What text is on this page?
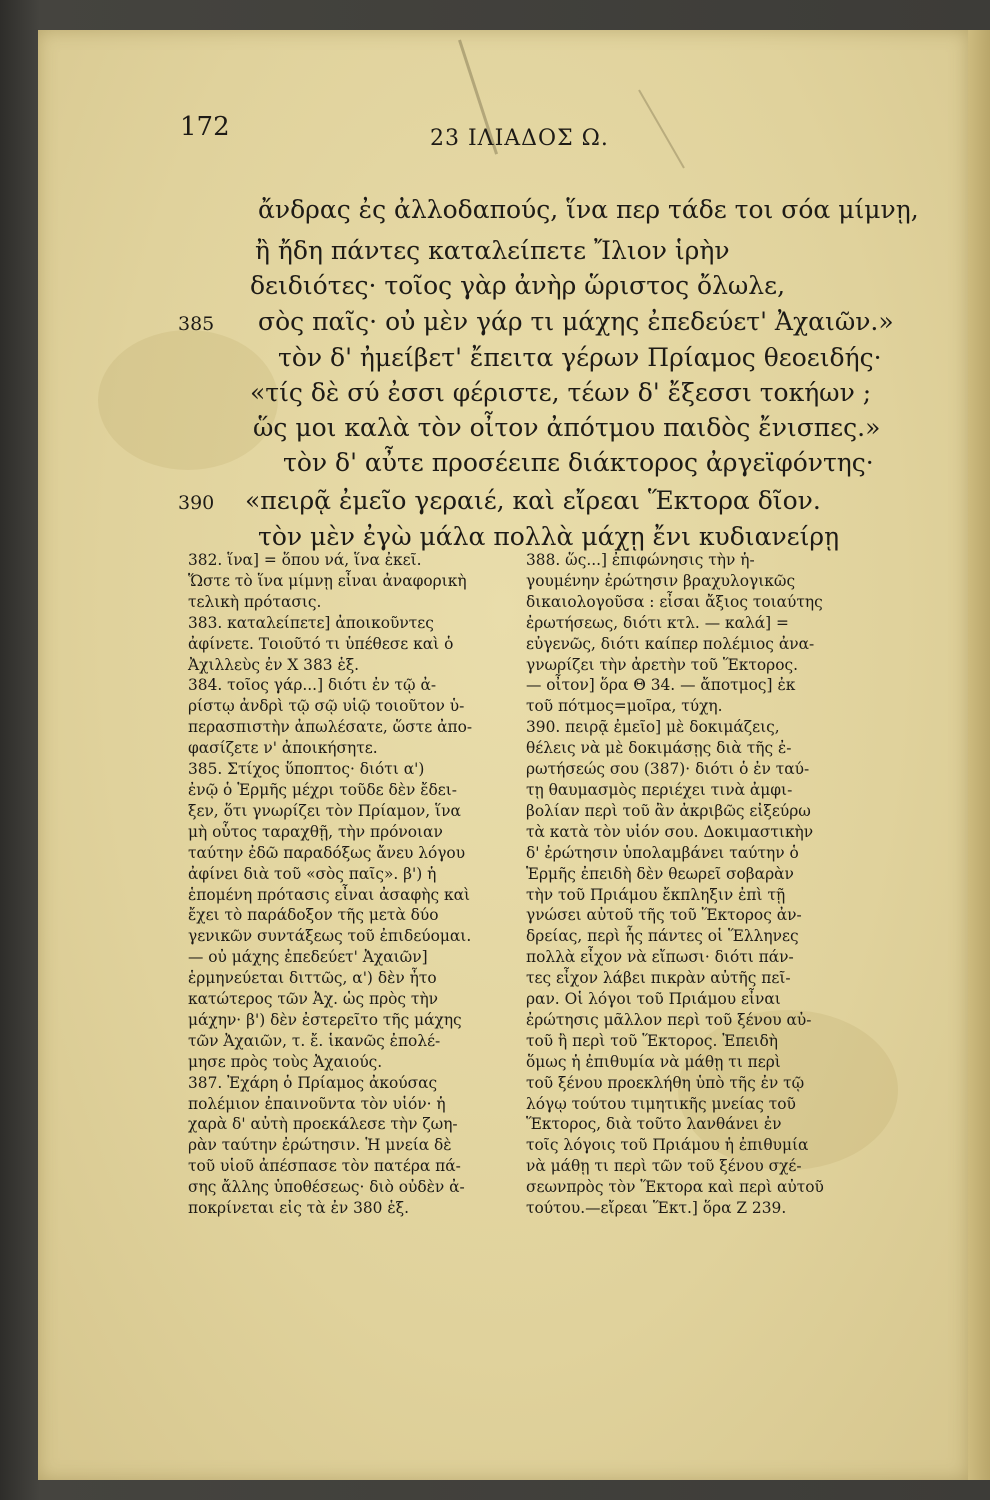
172	23 ΙΛΙΑΔΟΣ Ω.
ἄνδρας ἐς ἀλλοδαπούς, ἵνα περ τάδε τοι σόα μίμνῃ,
ἢ ἤδη πάντες καταλείπετε Ἴλιον ἱρὴν
δειδιότες· τοῖος γὰρ ἀνὴρ ὥριστος ὄλωλε,
σὸς παῖς· οὐ μὲν γάρ τι μάχης ἐπεδεύετ' Ἀχαιῶν.»
385
τὸν δ' ἠμείβετ' ἔπειτα γέρων Πρίαμος θεοειδής·
«τίς δὲ σύ ἐσσι φέριστε, τέων δ' ἔξεσσι τοκήων ;
ὥς μοι καλὰ τὸν οἶτον ἀπότμου παιδὸς ἔνισπες.»
τὸν δ' αὖτε προσέειπε διάκτορος ἀργεϊφόντης·
«πειρᾷ ἐμεῖο γεραιέ, καὶ εἴρεαι Ἕκτορα δῖον.
390
τὸν μὲν ἐγὼ μάλα πολλὰ μάχῃ ἔνι κυδιανείρῃ
382. ἵνα] = ὅπου νά, ἵνα ἐκεῖ.
Ὥστε τὸ ἵνα μίμνῃ εἶναι ἀναφορικὴ
τελικὴ πρότασις.
383. καταλείπετε] ἀποικοῦντες
ἀφίνετε. Τοιοῦτό τι ὑπέθεσε καὶ ὁ
Ἀχιλλεὺς ἐν Χ 383 ἑξ.
384. τοῖος γάρ...] διότι ἐν τῷ ἀ-
ρίστῳ ἀνδρὶ τῷ σῷ υἱῷ τοιοῦτον ὑ-
περασπιστὴν ἀπωλέσατε, ὥστε ἀπο-
φασίζετε ν' ἀποικήσητε.
385. Στίχος ὕποπτος· διότι α')
ἐνῷ ὁ Ἑρμῆς μέχρι τοῦδε δὲν ἔδει-
ξεν, ὅτι γνωρίζει τὸν Πρίαμον, ἵνα
μὴ οὗτος ταραχθῇ, τὴν πρόνοιαν
ταύτην ἐδῶ παραδόξως ἄνευ λόγου
ἀφίνει διὰ τοῦ «σὸς παῖς». β') ἡ
ἑπομένη πρότασις εἶναι ἀσαφὴς καὶ
ἔχει τὸ παράδοξον τῆς μετὰ δύο
γενικῶν συντάξεως τοῦ ἐπιδεύομαι.
— οὐ μάχης ἐπεδεύετ' Ἀχαιῶν]
ἑρμηνεύεται διττῶς, α') δὲν ἦτο
κατώτερος τῶν Ἀχ. ὡς πρὸς τὴν
μάχην· β') δὲν ἐστερεῖτο τῆς μάχης
τῶν Ἀχαιῶν, τ. ἔ. ἱκανῶς ἐπολέ-
μησε πρὸς τοὺς Ἀχαιούς.
387. Ἐχάρη ὁ Πρίαμος ἀκούσας
πολέμιον ἐπαινοῦντα τὸν υἱόν· ἡ
χαρὰ δ' αὐτὴ προεκάλεσε τὴν ζωη-
ρὰν ταύτην ἐρώτησιν. Ἡ μνεία δὲ
τοῦ υἱοῦ ἀπέσπασε τὸν πατέρα πά-
σης ἄλλης ὑποθέσεως· διὸ οὐδὲν ἀ-
ποκρίνεται εἰς τὰ ἐν 380 ἑξ.
388. ὥς...] ἐπιφώνησις τὴν ἡ-
γουμένην ἐρώτησιν βραχυλογικῶς
δικαιολογοῦσα : εἶσαι ἄξιος τοιαύτης
ἐρωτήσεως, διότι κτλ. — καλά] =
εὐγενῶς, διότι καίπερ πολέμιος ἀνα-
γνωρίζει τὴν ἀρετὴν τοῦ Ἕκτορος.
— οἶτον] ὅρα Θ 34. — ἄποτμος] ἐκ
τοῦ πότμος=μοῖρα, τύχη.
390. πειρᾷ ἐμεῖο] μὲ δοκιμάζεις,
θέλεις νὰ μὲ δοκιμάσῃς διὰ τῆς ἐ-
ρωτήσεώς σου (387)· διότι ὁ ἐν ταύ-
τῃ θαυμασμὸς περιέχει τινὰ ἀμφι-
βολίαν περὶ τοῦ ἂν ἀκριβῶς εἰξεύρω
τὰ κατὰ τὸν υἱόν σου. Δοκιμαστικὴν
δ' ἐρώτησιν ὑπολαμβάνει ταύτην ὁ
Ἑρμῆς ἐπειδὴ δὲν θεωρεῖ σοβαρὰν
τὴν τοῦ Πριάμου ἔκπληξιν ἐπὶ τῇ
γνώσει αὐτοῦ τῆς τοῦ Ἕκτορος ἀν-
δρείας, περὶ ἧς πάντες οἱ Ἕλληνες
πολλὰ εἶχον νὰ εἴπωσι· διότι πάν-
τες εἶχον λάβει πικρὰν αὐτῆς πεῖ-
ραν. Οἱ λόγοι τοῦ Πριάμου εἶναι
ἐρώτησις μᾶλλον περὶ τοῦ ξένου αὐ-
τοῦ ἢ περὶ τοῦ Ἕκτορος. Ἐπειδὴ
ὅμως ἡ ἐπιθυμία νὰ μάθῃ τι περὶ
τοῦ ξένου προεκλήθη ὑπὸ τῆς ἐν τῷ
λόγῳ τούτου τιμητικῆς μνείας τοῦ
Ἕκτορος, διὰ τοῦτο λανθάνει ἐν
τοῖς λόγοις τοῦ Πριάμου ἡ ἐπιθυμία
νὰ μάθῃ τι περὶ τῶν τοῦ ξένου σχέ-
σεωνπρὸς τὸν Ἕκτορα καὶ περὶ αὐτοῦ
τούτου.—εἴρεαι Ἕκτ.] ὅρα Ζ 239.
